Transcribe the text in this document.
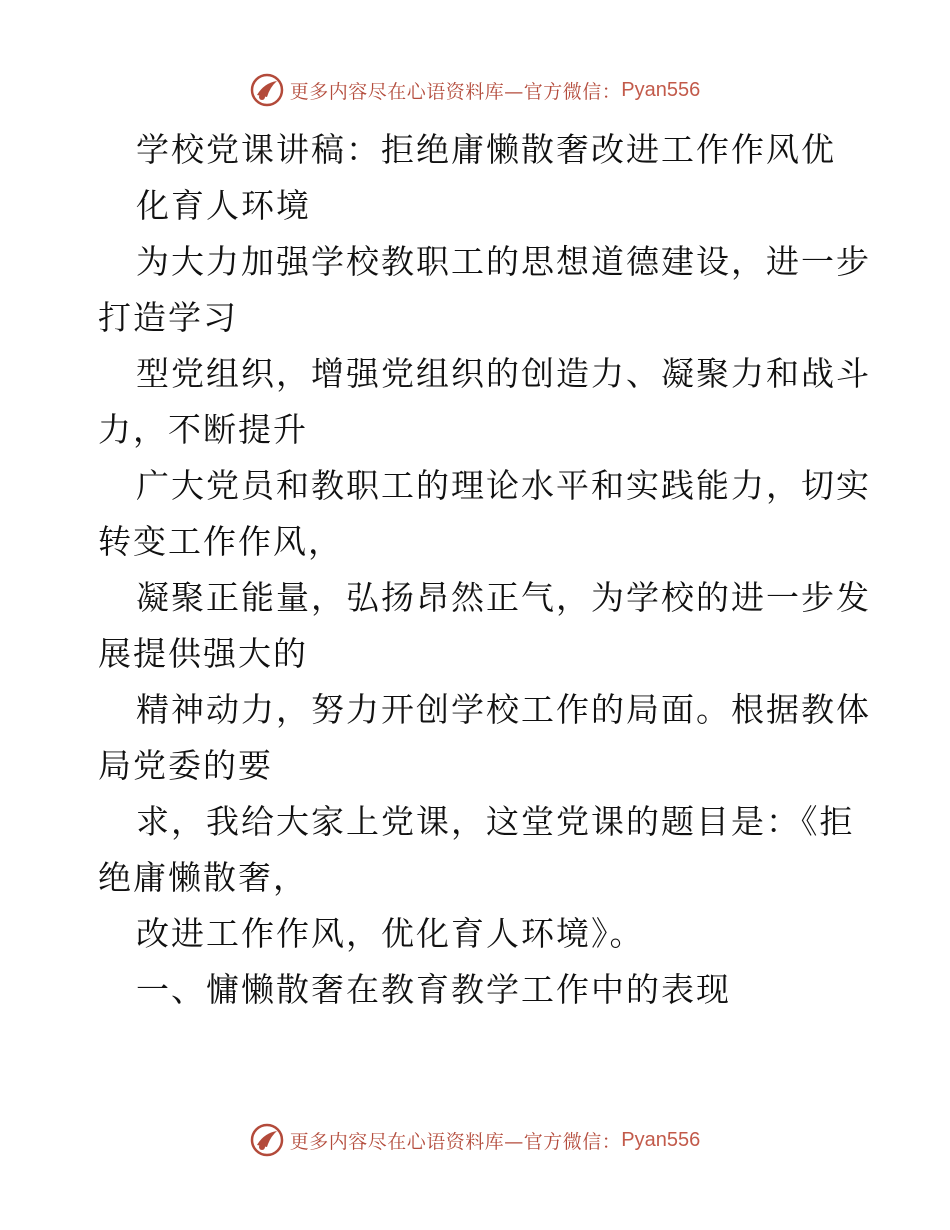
更多内容尽在心语资料库—官方微信： Pyan556
学校党课讲稿：拒绝庸懒散奢改进工作作风优
化育人环境
为大力加强学校教职工的思想道德建设，进一步
打造学习
型党组织，增强党组织的创造力、凝聚力和战斗
力，不断提升
广大党员和教职工的理论水平和实践能力，切实
转变工作作风，
凝聚正能量，弘扬昂然正气，为学校的进一步发
展提供强大的
精神动力，努力开创学校工作的局面。根据教体
局党委的要
求，我给大家上党课，这堂党课的题目是：《拒
绝庸懒散奢，
改进工作作风，优化育人环境》。
一、慵懒散奢在教育教学工作中的表现
更多内容尽在心语资料库—官方微信： Pyan556
